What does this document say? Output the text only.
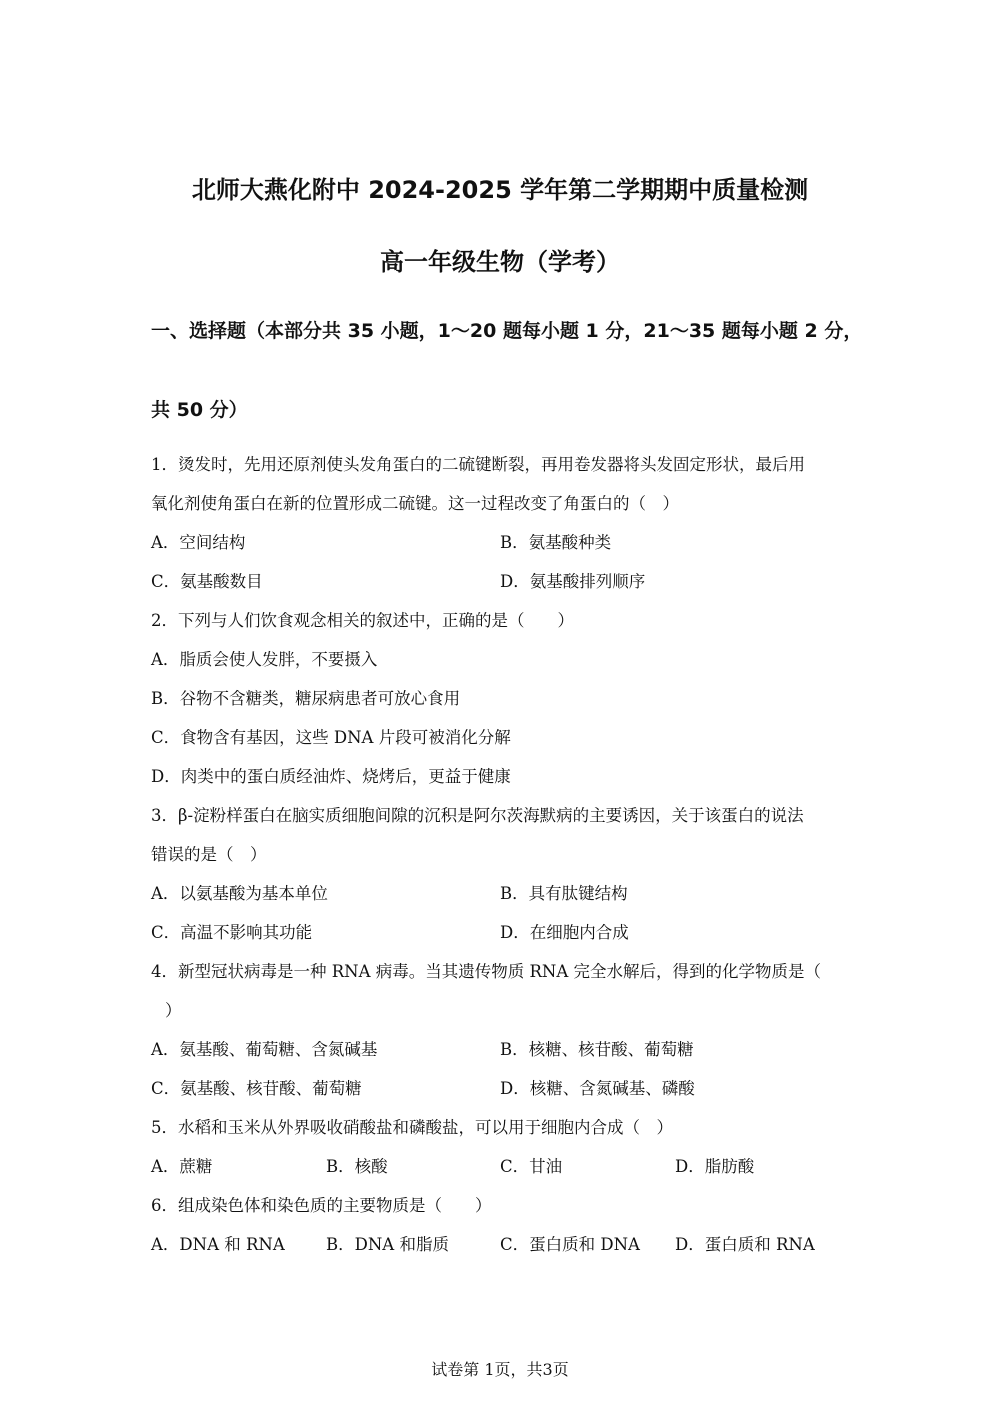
北师大燕化附中 2024-2025 学年第二学期期中质量检测
高一年级生物（学考）
一、选择题（本部分共 35 小题，1～20 题每小题 1 分，21～35 题每小题 2 分，
共 50 分）
1．烫发时，先用还原剂使头发角蛋白的二硫键断裂，再用卷发器将头发固定形状，最后用
氧化剂使角蛋白在新的位置形成二硫键。这一过程改变了角蛋白的（　）
A．空间结构	B．氨基酸种类
C．氨基酸数目	D．氨基酸排列顺序
2．下列与人们饮食观念相关的叙述中，正确的是（　　）
A．脂质会使人发胖，不要摄入
B．谷物不含糖类，糖尿病患者可放心食用
C．食物含有基因，这些 DNA 片段可被消化分解
D．肉类中的蛋白质经油炸、烧烤后，更益于健康
3．β-淀粉样蛋白在脑实质细胞间隙的沉积是阿尔茨海默病的主要诱因，关于该蛋白的说法
错误的是（　）
A．以氨基酸为基本单位	B．具有肽键结构
C．高温不影响其功能	D．在细胞内合成
4．新型冠状病毒是一种 RNA 病毒。当其遗传物质 RNA 完全水解后，得到的化学物质是（
）
A．氨基酸、葡萄糖、含氮碱基	B．核糖、核苷酸、葡萄糖
C．氨基酸、核苷酸、葡萄糖	D．核糖、含氮碱基、磷酸
5．水稻和玉米从外界吸收硝酸盐和磷酸盐，可以用于细胞内合成（　）
A．蔗糖	B．核酸	C．甘油	D．脂肪酸
6．组成染色体和染色质的主要物质是（　　）
A．DNA 和 RNA B．DNA 和脂质	C．蛋白质和 DNA D．蛋白质和 RNA
试卷第 1页，共3页
